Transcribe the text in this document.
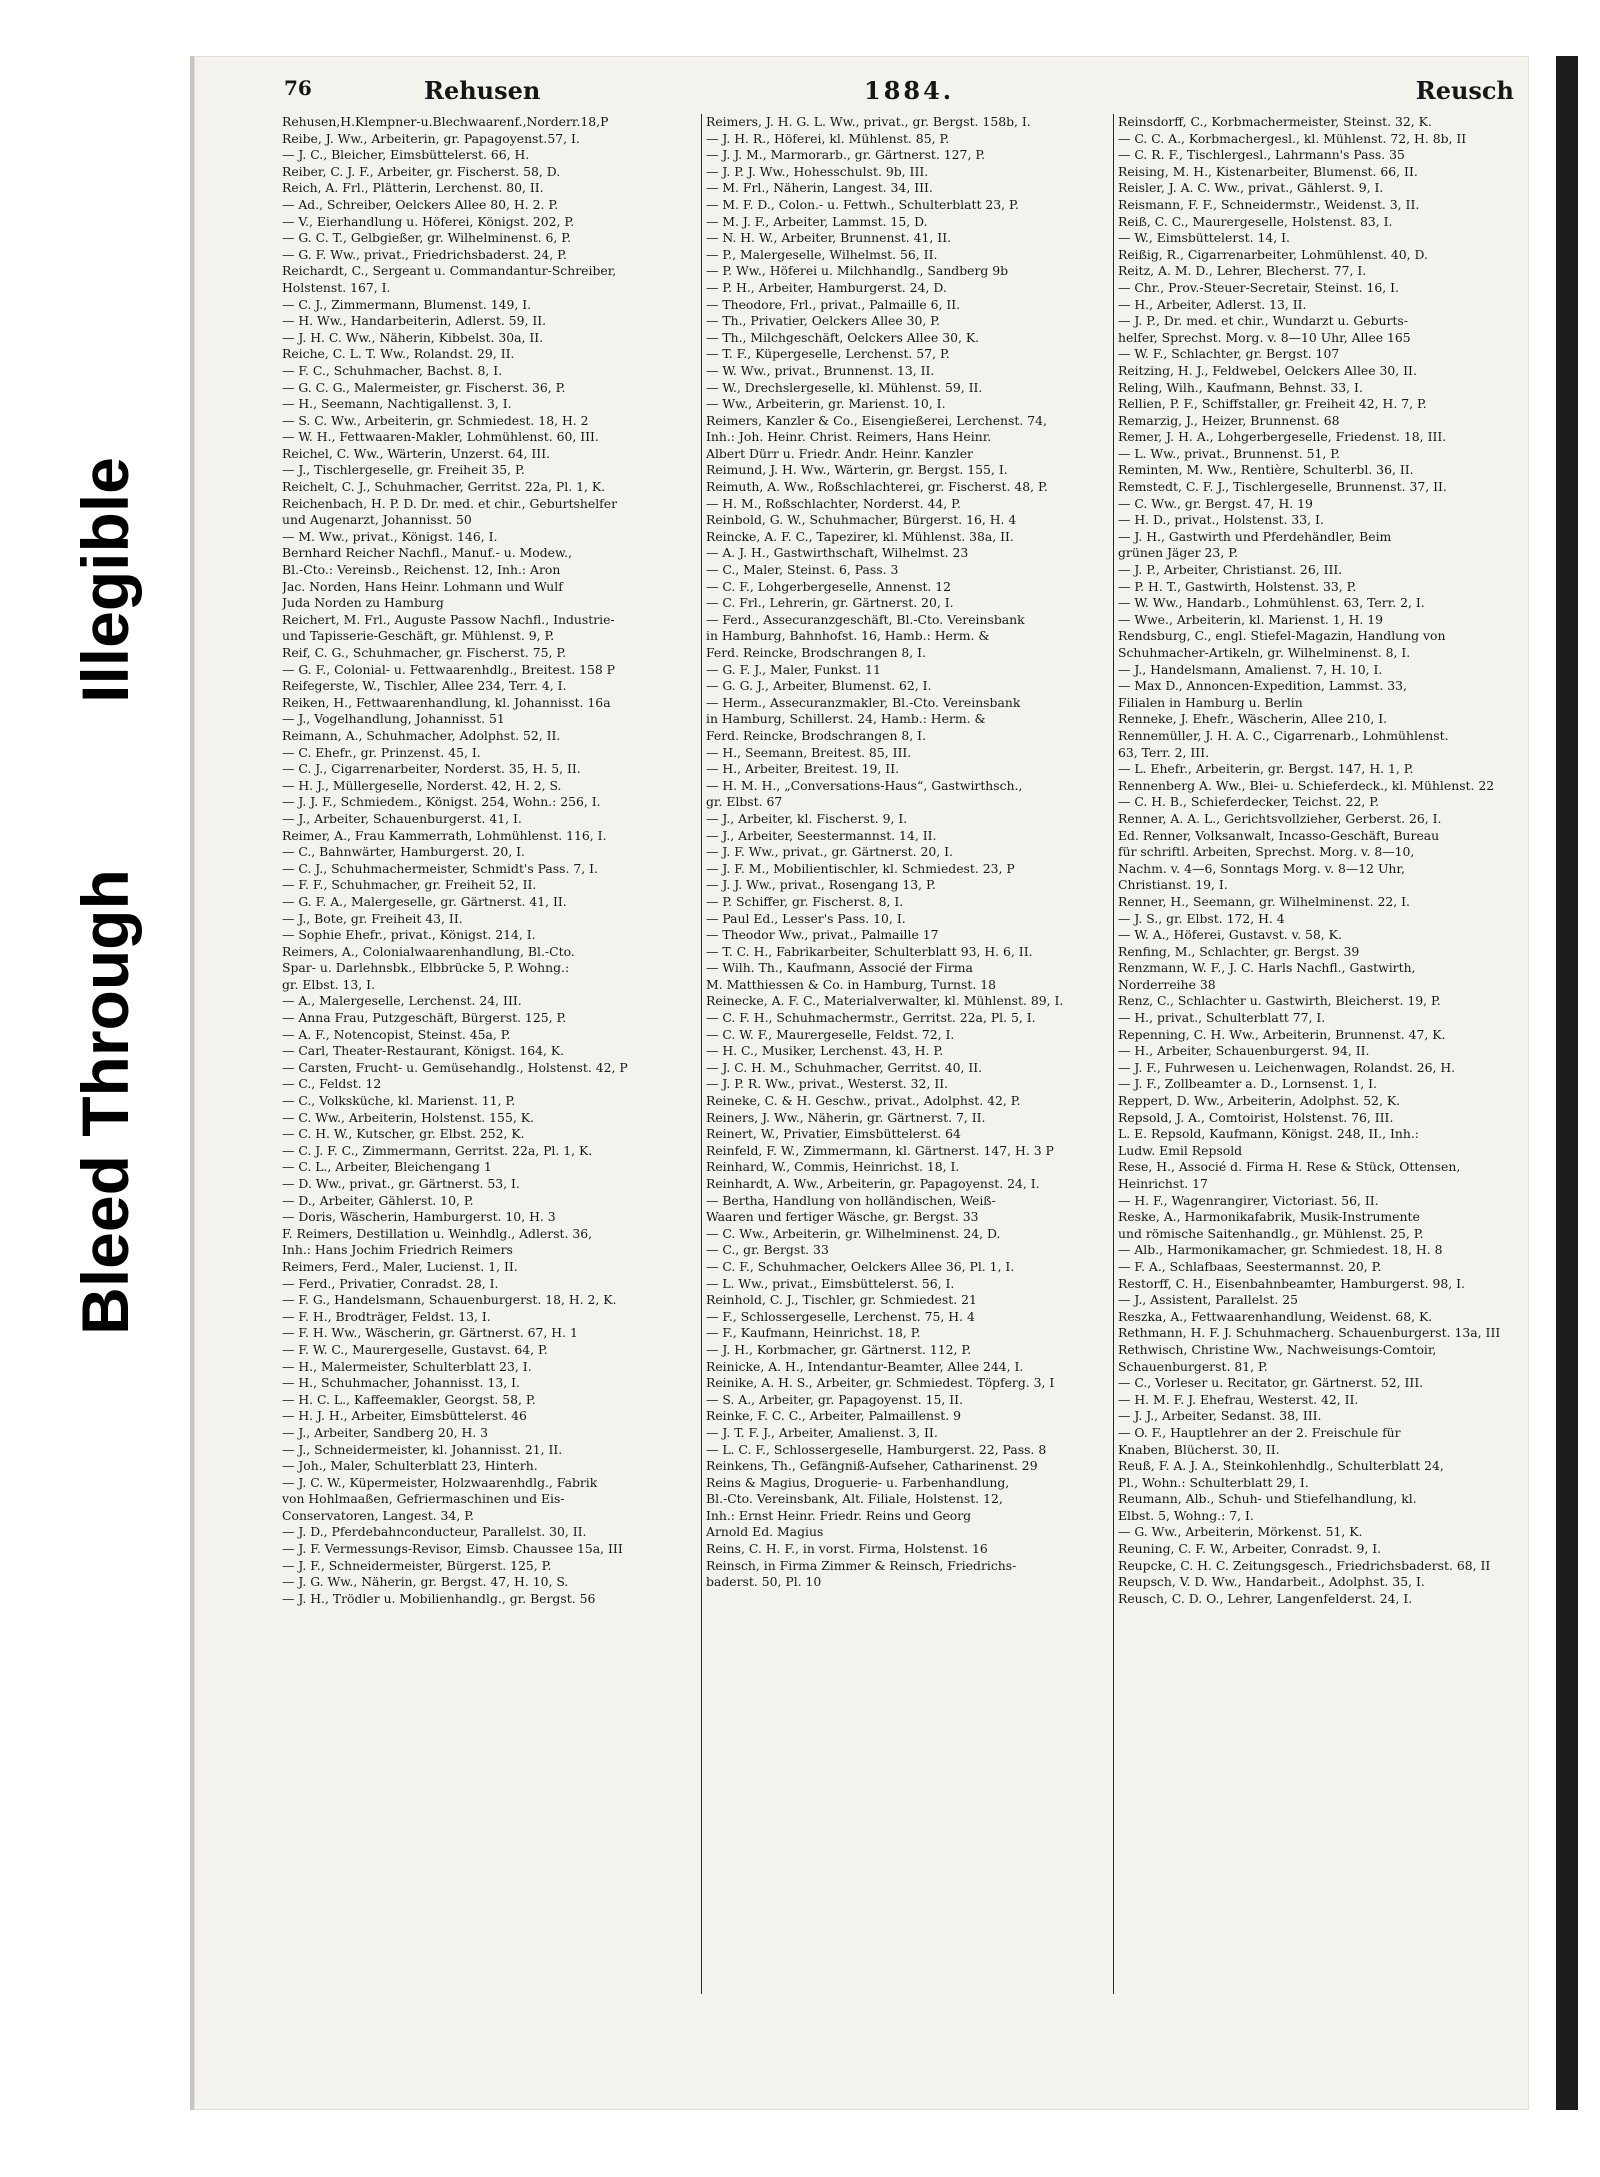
Illegible
Bleed Through
76	Rehusen	1884.	Reusch
Rehusen,H.Klempner-u.Blechwaarenf.,Norderr.18,P
Reibe, J. Ww., Arbeiterin, gr. Papagoyenst.57, I.
— J. C., Bleicher, Eimsbüttelerst. 66, H.
Reiber, C. J. F., Arbeiter, gr. Fischerst. 58, D.
Reich, A. Frl., Plätterin, Lerchenst. 80, II.
— Ad., Schreiber, Oelckers Allee 80, H. 2. P.
— V., Eierhandlung u. Höferei, Königst. 202, P.
— G. C. T., Gelbgießer, gr. Wilhelminenst. 6, P.
— G. F. Ww., privat., Friedrichsbaderst. 24, P.
Reichardt, C., Sergeant u. Commandantur-Schreiber,
Holstenst. 167, I.
— C. J., Zimmermann, Blumenst. 149, I.
— H. Ww., Handarbeiterin, Adlerst. 59, II.
— J. H. C. Ww., Näherin, Kibbelst. 30a, II.
Reiche, C. L. T. Ww., Rolandst. 29, II.
— F. C., Schuhmacher, Bachst. 8, I.
— G. C. G., Malermeister, gr. Fischerst. 36, P.
— H., Seemann, Nachtigallenst. 3, I.
— S. C. Ww., Arbeiterin, gr. Schmiedest. 18, H. 2
— W. H., Fettwaaren-Makler, Lohmühlenst. 60, III.
Reichel, C. Ww., Wärterin, Unzerst. 64, III.
— J., Tischlergeselle, gr. Freiheit 35, P.
Reichelt, C. J., Schuhmacher, Gerritst. 22a, Pl. 1, K.
Reichenbach, H. P. D. Dr. med. et chir., Geburtshelfer
und Augenarzt, Johannisst. 50
— M. Ww., privat., Königst. 146, I.
Bernhard Reicher Nachfl., Manuf.- u. Modew.,
Bl.-Cto.: Vereinsb., Reichenst. 12, Inh.: Aron
Jac. Norden, Hans Heinr. Lohmann und Wulf
Juda Norden zu Hamburg
Reichert, M. Frl., Auguste Passow Nachfl., Industrie-
und Tapisserie-Geschäft, gr. Mühlenst. 9, P.
Reif, C. G., Schuhmacher, gr. Fischerst. 75, P.
— G. F., Colonial- u. Fettwaarenhdlg., Breitest. 158 P
Reifegerste, W., Tischler, Allee 234, Terr. 4, I.
Reiken, H., Fettwaarenhandlung, kl. Johannisst. 16a
— J., Vogelhandlung, Johannisst. 51
Reimann, A., Schuhmacher, Adolphst. 52, II.
— C. Ehefr., gr. Prinzenst. 45, I.
— C. J., Cigarrenarbeiter, Norderst. 35, H. 5, II.
— H. J., Müllergeselle, Norderst. 42, H. 2, S.
— J. J. F., Schmiedem., Königst. 254, Wohn.: 256, I.
— J., Arbeiter, Schauenburgerst. 41, I.
Reimer, A., Frau Kammerrath, Lohmühlenst. 116, I.
— C., Bahnwärter, Hamburgerst. 20, I.
— C. J., Schuhmachermeister, Schmidt's Pass. 7, I.
— F. F., Schuhmacher, gr. Freiheit 52, II.
— G. F. A., Malergeselle, gr. Gärtnerst. 41, II.
— J., Bote, gr. Freiheit 43, II.
— Sophie Ehefr., privat., Königst. 214, I.
Reimers, A., Colonialwaarenhandlung, Bl.-Cto.
Spar- u. Darlehnsbk., Elbbrücke 5, P. Wohng.:
gr. Elbst. 13, I.
— A., Malergeselle, Lerchenst. 24, III.
— Anna Frau, Putzgeschäft, Bürgerst. 125, P.
— A. F., Notencopist, Steinst. 45a, P.
— Carl, Theater-Restaurant, Königst. 164, K.
— Carsten, Frucht- u. Gemüsehandlg., Holstenst. 42, P
— C., Feldst. 12
— C., Volksküche, kl. Marienst. 11, P.
— C. Ww., Arbeiterin, Holstenst. 155, K.
— C. H. W., Kutscher, gr. Elbst. 252, K.
— C. J. F. C., Zimmermann, Gerritst. 22a, Pl. 1, K.
— C. L., Arbeiter, Bleichengang 1
— D. Ww., privat., gr. Gärtnerst. 53, I.
— D., Arbeiter, Gählerst. 10, P.
— Doris, Wäscherin, Hamburgerst. 10, H. 3
F. Reimers, Destillation u. Weinhdlg., Adlerst. 36,
Inh.: Hans Jochim Friedrich Reimers
Reimers, Ferd., Maler, Lucienst. 1, II.
— Ferd., Privatier, Conradst. 28, I.
— F. G., Handelsmann, Schauenburgerst. 18, H. 2, K.
— F. H., Brodträger, Feldst. 13, I.
— F. H. Ww., Wäscherin, gr. Gärtnerst. 67, H. 1
— F. W. C., Maurergeselle, Gustavst. 64, P.
— H., Malermeister, Schulterblatt 23, I.
— H., Schuhmacher, Johannisst. 13, I.
— H. C. L., Kaffeemakler, Georgst. 58, P.
— H. J. H., Arbeiter, Eimsbüttelerst. 46
— J., Arbeiter, Sandberg 20, H. 3
— J., Schneidermeister, kl. Johannisst. 21, II.
— Joh., Maler, Schulterblatt 23, Hinterh.
— J. C. W., Küpermeister, Holzwaarenhdlg., Fabrik
von Hohlmaaßen, Gefriermaschinen und Eis-
Conservatoren, Langest. 34, P.
— J. D., Pferdebahnconducteur, Parallelst. 30, II.
— J. F. Vermessungs-Revisor, Eimsb. Chaussee 15a, III
— J. F., Schneidermeister, Bürgerst. 125, P.
— J. G. Ww., Näherin, gr. Bergst. 47, H. 10, S.
— J. H., Trödler u. Mobilienhandlg., gr. Bergst. 56
Reimers, J. H. G. L. Ww., privat., gr. Bergst. 158b, I.
— J. H. R., Höferei, kl. Mühlenst. 85, P.
— J. J. M., Marmorarb., gr. Gärtnerst. 127, P.
— J. P. J. Ww., Hohesschulst. 9b, III.
— M. Frl., Näherin, Langest. 34, III.
— M. F. D., Colon.- u. Fettwh., Schulterblatt 23, P.
— M. J. F., Arbeiter, Lammst. 15, D.
— N. H. W., Arbeiter, Brunnenst. 41, II.
— P., Malergeselle, Wilhelmst. 56, II.
— P. Ww., Höferei u. Milchhandlg., Sandberg 9b
— P. H., Arbeiter, Hamburgerst. 24, D.
— Theodore, Frl., privat., Palmaille 6, II.
— Th., Privatier, Oelckers Allee 30, P.
— Th., Milchgeschäft, Oelckers Allee 30, K.
— T. F., Küpergeselle, Lerchenst. 57, P.
— W. Ww., privat., Brunnenst. 13, II.
— W., Drechslergeselle, kl. Mühlenst. 59, II.
— Ww., Arbeiterin, gr. Marienst. 10, I.
Reimers, Kanzler & Co., Eisengießerei, Lerchenst. 74,
Inh.: Joh. Heinr. Christ. Reimers, Hans Heinr.
Albert Dürr u. Friedr. Andr. Heinr. Kanzler
Reimund, J. H. Ww., Wärterin, gr. Bergst. 155, I.
Reimuth, A. Ww., Roßschlachterei, gr. Fischerst. 48, P.
— H. M., Roßschlachter, Norderst. 44, P.
Reinbold, G. W., Schuhmacher, Bürgerst. 16, H. 4
Reincke, A. F. C., Tapezirer, kl. Mühlenst. 38a, II.
— A. J. H., Gastwirthschaft, Wilhelmst. 23
— C., Maler, Steinst. 6, Pass. 3
— C. F., Lohgerbergeselle, Annenst. 12
— C. Frl., Lehrerin, gr. Gärtnerst. 20, I.
— Ferd., Assecuranzgeschäft, Bl.-Cto. Vereinsbank
in Hamburg, Bahnhofst. 16, Hamb.: Herm. &
Ferd. Reincke, Brodschrangen 8, I.
— G. F. J., Maler, Funkst. 11
— G. G. J., Arbeiter, Blumenst. 62, I.
— Herm., Assecuranzmakler, Bl.-Cto. Vereinsbank
in Hamburg, Schillerst. 24, Hamb.: Herm. &
Ferd. Reincke, Brodschrangen 8, I.
— H., Seemann, Breitest. 85, III.
— H., Arbeiter, Breitest. 19, II.
— H. M. H., „Conversations-Haus“, Gastwirthsch.,
gr. Elbst. 67
— J., Arbeiter, kl. Fischerst. 9, I.
— J., Arbeiter, Seestermannst. 14, II.
— J. F. Ww., privat., gr. Gärtnerst. 20, I.
— J. F. M., Mobilientischler, kl. Schmiedest. 23, P
— J. J. Ww., privat., Rosengang 13, P.
— P. Schiffer, gr. Fischerst. 8, I.
— Paul Ed., Lesser's Pass. 10, I.
— Theodor Ww., privat., Palmaille 17
— T. C. H., Fabrikarbeiter, Schulterblatt 93, H. 6, II.
— Wilh. Th., Kaufmann, Associé der Firma
M. Matthiessen & Co. in Hamburg, Turnst. 18
Reinecke, A. F. C., Materialverwalter, kl. Mühlenst. 89, I.
— C. F. H., Schuhmachermstr., Gerritst. 22a, Pl. 5, I.
— C. W. F., Maurergeselle, Feldst. 72, I.
— H. C., Musiker, Lerchenst. 43, H. P.
— J. C. H. M., Schuhmacher, Gerritst. 40, II.
— J. P. R. Ww., privat., Westerst. 32, II.
Reineke, C. & H. Geschw., privat., Adolphst. 42, P.
Reiners, J. Ww., Näherin, gr. Gärtnerst. 7, II.
Reinert, W., Privatier, Eimsbüttelerst. 64
Reinfeld, F. W., Zimmermann, kl. Gärtnerst. 147, H. 3 P
Reinhard, W., Commis, Heinrichst. 18, I.
Reinhardt, A. Ww., Arbeiterin, gr. Papagoyenst. 24, I.
— Bertha, Handlung von holländischen, Weiß-
Waaren und fertiger Wäsche, gr. Bergst. 33
— C. Ww., Arbeiterin, gr. Wilhelminenst. 24, D.
— C., gr. Bergst. 33
— C. F., Schuhmacher, Oelckers Allee 36, Pl. 1, I.
— L. Ww., privat., Eimsbüttelerst. 56, I.
Reinhold, C. J., Tischler, gr. Schmiedest. 21
— F., Schlossergeselle, Lerchenst. 75, H. 4
— F., Kaufmann, Heinrichst. 18, P.
— J. H., Korbmacher, gr. Gärtnerst. 112, P.
Reinicke, A. H., Intendantur-Beamter, Allee 244, I.
Reinike, A. H. S., Arbeiter, gr. Schmiedest. Töpferg. 3, I
— S. A., Arbeiter, gr. Papagoyenst. 15, II.
Reinke, F. C. C., Arbeiter, Palmaillenst. 9
— J. T. F. J., Arbeiter, Amalienst. 3, II.
— L. C. F., Schlossergeselle, Hamburgerst. 22, Pass. 8
Reinkens, Th., Gefängniß-Aufseher, Catharinenst. 29
Reins & Magius, Droguerie- u. Farbenhandlung,
Bl.-Cto. Vereinsbank, Alt. Filiale, Holstenst. 12,
Inh.: Ernst Heinr. Friedr. Reins und Georg
Arnold Ed. Magius
Reins, C. H. F., in vorst. Firma, Holstenst. 16
Reinsch, in Firma Zimmer & Reinsch, Friedrichs-
baderst. 50, Pl. 10
Reinsdorff, C., Korbmachermeister, Steinst. 32, K.
— C. C. A., Korbmachergesl., kl. Mühlenst. 72, H. 8b, II
— C. R. F., Tischlergesl., Lahrmann's Pass. 35
Reising, M. H., Kistenarbeiter, Blumenst. 66, II.
Reisler, J. A. C. Ww., privat., Gählerst. 9, I.
Reismann, F. F., Schneidermstr., Weidenst. 3, II.
Reiß, C. C., Maurergeselle, Holstenst. 83, I.
— W., Eimsbüttelerst. 14, I.
Reißig, R., Cigarrenarbeiter, Lohmühlenst. 40, D.
Reitz, A. M. D., Lehrer, Blecherst. 77, I.
— Chr., Prov.-Steuer-Secretair, Steinst. 16, I.
— H., Arbeiter, Adlerst. 13, II.
— J. P., Dr. med. et chir., Wundarzt u. Geburts-
helfer, Sprechst. Morg. v. 8—10 Uhr, Allee 165
— W. F., Schlachter, gr. Bergst. 107
Reitzing, H. J., Feldwebel, Oelckers Allee 30, II.
Reling, Wilh., Kaufmann, Behnst. 33, I.
Rellien, P. F., Schiffstaller, gr. Freiheit 42, H. 7, P.
Remarzig, J., Heizer, Brunnenst. 68
Remer, J. H. A., Lohgerbergeselle, Friedenst. 18, III.
— L. Ww., privat., Brunnenst. 51, P.
Reminten, M. Ww., Rentière, Schulterbl. 36, II.
Remstedt, C. F. J., Tischlergeselle, Brunnenst. 37, II.
— C. Ww., gr. Bergst. 47, H. 19
— H. D., privat., Holstenst. 33, I.
— J. H., Gastwirth und Pferdehändler, Beim
grünen Jäger 23, P.
— J. P., Arbeiter, Christianst. 26, III.
— P. H. T., Gastwirth, Holstenst. 33, P.
— W. Ww., Handarb., Lohmühlenst. 63, Terr. 2, I.
— Wwe., Arbeiterin, kl. Marienst. 1, H. 19
Rendsburg, C., engl. Stiefel-Magazin, Handlung von
Schuhmacher-Artikeln, gr. Wilhelminenst. 8, I.
— J., Handelsmann, Amalienst. 7, H. 10, I.
— Max D., Annoncen-Expedition, Lammst. 33,
Filialen in Hamburg u. Berlin
Renneke, J. Ehefr., Wäscherin, Allee 210, I.
Rennemüller, J. H. A. C., Cigarrenarb., Lohmühlenst.
63, Terr. 2, III.
— L. Ehefr., Arbeiterin, gr. Bergst. 147, H. 1, P.
Rennenberg A. Ww., Blei- u. Schieferdeck., kl. Mühlenst. 22
— C. H. B., Schieferdecker, Teichst. 22, P.
Renner, A. A. L., Gerichtsvollzieher, Gerberst. 26, I.
Ed. Renner, Volksanwalt, Incasso-Geschäft, Bureau
für schriftl. Arbeiten, Sprechst. Morg. v. 8—10,
Nachm. v. 4—6, Sonntags Morg. v. 8—12 Uhr,
Christianst. 19, I.
Renner, H., Seemann, gr. Wilhelminenst. 22, I.
— J. S., gr. Elbst. 172, H. 4
— W. A., Höferei, Gustavst. v. 58, K.
Renfing, M., Schlachter, gr. Bergst. 39
Renzmann, W. F., J. C. Harls Nachfl., Gastwirth,
Norderreihe 38
Renz, C., Schlachter u. Gastwirth, Bleicherst. 19, P.
— H., privat., Schulterblatt 77, I.
Repenning, C. H. Ww., Arbeiterin, Brunnenst. 47, K.
— H., Arbeiter, Schauenburgerst. 94, II.
— J. F., Fuhrwesen u. Leichenwagen, Rolandst. 26, H.
— J. F., Zollbeamter a. D., Lornsenst. 1, I.
Reppert, D. Ww., Arbeiterin, Adolphst. 52, K.
Repsold, J. A., Comtoirist, Holstenst. 76, III.
L. E. Repsold, Kaufmann, Königst. 248, II., Inh.:
Ludw. Emil Repsold
Rese, H., Associé d. Firma H. Rese & Stück, Ottensen,
Heinrichst. 17
— H. F., Wagenrangirer, Victoriast. 56, II.
Reske, A., Harmonikafabrik, Musik-Instrumente
und römische Saitenhandlg., gr. Mühlenst. 25, P.
— Alb., Harmonikamacher, gr. Schmiedest. 18, H. 8
— F. A., Schlafbaas, Seestermannst. 20, P.
Restorff, C. H., Eisenbahnbeamter, Hamburgerst. 98, I.
— J., Assistent, Parallelst. 25
Reszka, A., Fettwaarenhandlung, Weidenst. 68, K.
Rethmann, H. F. J. Schuhmacherg. Schauenburgerst. 13a, III
Rethwisch, Christine Ww., Nachweisungs-Comtoir,
Schauenburgerst. 81, P.
— C., Vorleser u. Recitator, gr. Gärtnerst. 52, III.
— H. M. F. J. Ehefrau, Westerst. 42, II.
— J. J., Arbeiter, Sedanst. 38, III.
— O. F., Hauptlehrer an der 2. Freischule für
Knaben, Blücherst. 30, II.
Reuß, F. A. J. A., Steinkohlenhdlg., Schulterblatt 24,
Pl., Wohn.: Schulterblatt 29, I.
Reumann, Alb., Schuh- und Stiefelhandlung, kl.
Elbst. 5, Wohng.: 7, I.
— G. Ww., Arbeiterin, Mörkenst. 51, K.
Reuning, C. F. W., Arbeiter, Conradst. 9, I.
Reupcke, C. H. C. Zeitungsgesch., Friedrichsbaderst. 68, II
Reupsch, V. D. Ww., Handarbeit., Adolphst. 35, I.
Reusch, C. D. O., Lehrer, Langenfelderst. 24, I.
